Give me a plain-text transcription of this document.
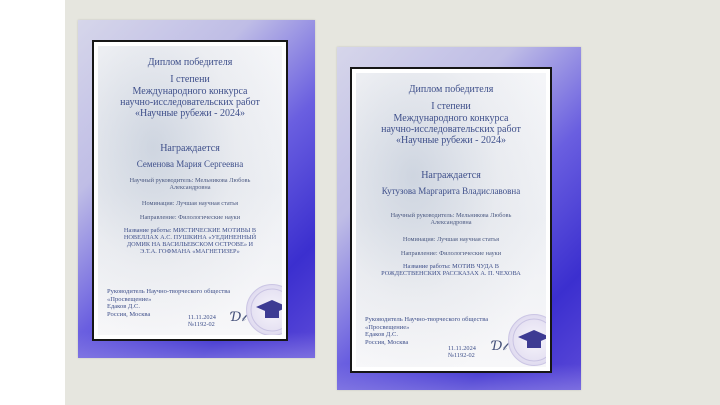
Диплом победителя

I степени

Международного конкурса

научно-исследовательских работ

«Научные рубежи - 2024»

Награждается

Семенова Мария Сергеевна

Научный руководитель: Мельникова Любовь

Александровна

Номинация: Лучшая научная статья

Направление: Филологические науки

Название работы: МИСТИЧЕСКИЕ МОТИВЫ В

НОВЕЛЛАХ А.С. ПУШКИНА «УЕДИНЕННЫЙ

ДОМИК НА ВАСИЛЬЕВСКОМ ОСТРОВЕ» И

Э.Т.А. ГОФМАНА «МАГНЕТИЗЕР»

Руководитель Научно-творческого общества
«Просвещение»
Едаков Д.С.
Россия, Москва	11.11.2024
№1192-02 Ɗ𝓁

Диплом победителя

I степени

Международного конкурса

научно-исследовательских работ

«Научные рубежи - 2024»

Награждается

Кутузова Маргарита Владиславовна

Научный руководитель: Мельникова Любовь

Александровна

Номинация: Лучшая научная статья

Направление: Филологические науки

Название работы: МОТИВ ЧУДА В

РОЖДЕСТВЕНСКИХ РАССКАЗАХ А. П. ЧЕХОВА

Руководитель Научно-творческого общества
«Просвещение»
Едаков Д.С.
Россия, Москва
11.11.2024
№1192-02
Ɗ𝓁
